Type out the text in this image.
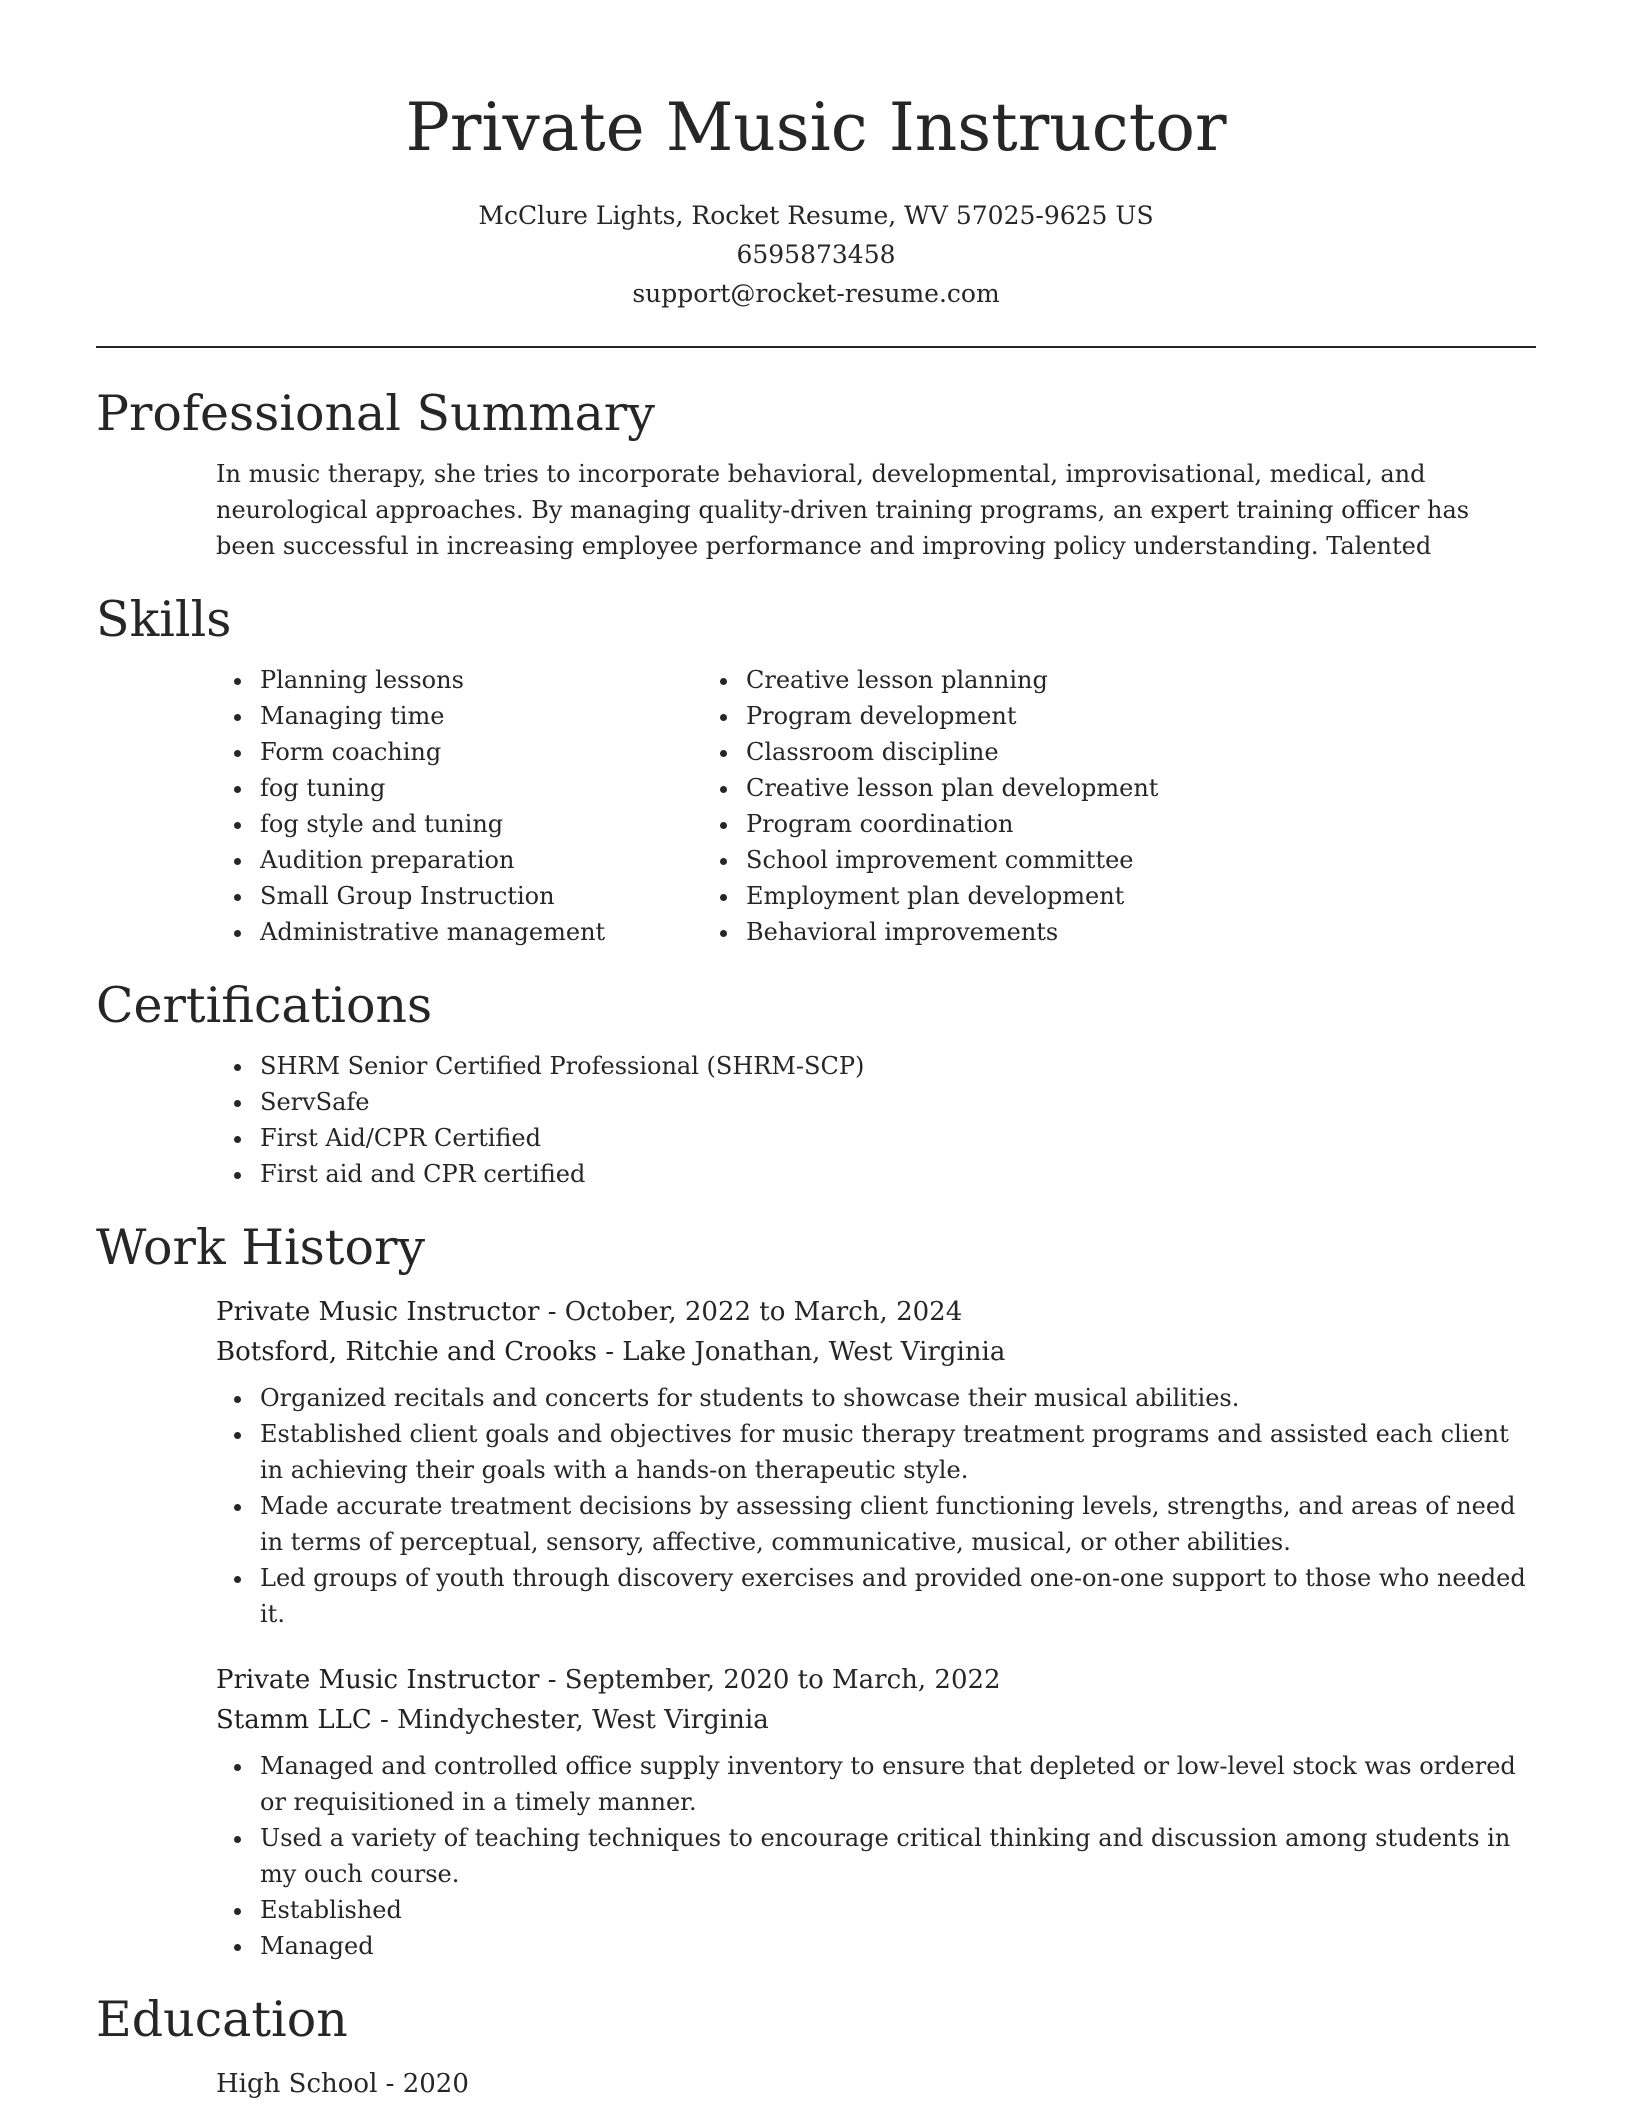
Private Music Instructor
McClure Lights, Rocket Resume, WV 57025-9625 US
6595873458
support@rocket-resume.com
Professional Summary

In music therapy, she tries to incorporate behavioral, developmental, improvisational, medical, and neurological approaches. By managing quality-driven training programs, an expert training officer has been successful in increasing employee performance and improving policy understanding. Talented

Skills
Planning lessons
Managing time
Form coaching
fog tuning
fog style and tuning
Audition preparation
Small Group Instruction
Administrative management
Creative lesson planning
Program development
Classroom discipline
Creative lesson plan development
Program coordination
School improvement committee
Employment plan development
Behavioral improvements
Certifications
SHRM Senior Certified Professional (SHRM-SCP)
ServSafe
First Aid/CPR Certified
First aid and CPR certified
Work History
Private Music Instructor - October, 2022 to March, 2024
Botsford, Ritchie and Crooks - Lake Jonathan, West Virginia
Organized recitals and concerts for students to showcase their musical abilities.
Established client goals and objectives for music therapy treatment programs and assisted each client in achieving their goals with a hands-on therapeutic style.
Made accurate treatment decisions by assessing client functioning levels, strengths, and areas of need in terms of perceptual, sensory, affective, communicative, musical, or other abilities.
Led groups of youth through discovery exercises and provided one-on-one support to those who needed it.
Private Music Instructor - September, 2020 to March, 2022
Stamm LLC - Mindychester, West Virginia
Managed and controlled office supply inventory to ensure that depleted or low-level stock was ordered or requisitioned in a timely manner.
Used a variety of teaching techniques to encourage critical thinking and discussion among students in my ouch course.
Established
Managed
Education
High School - 2020
